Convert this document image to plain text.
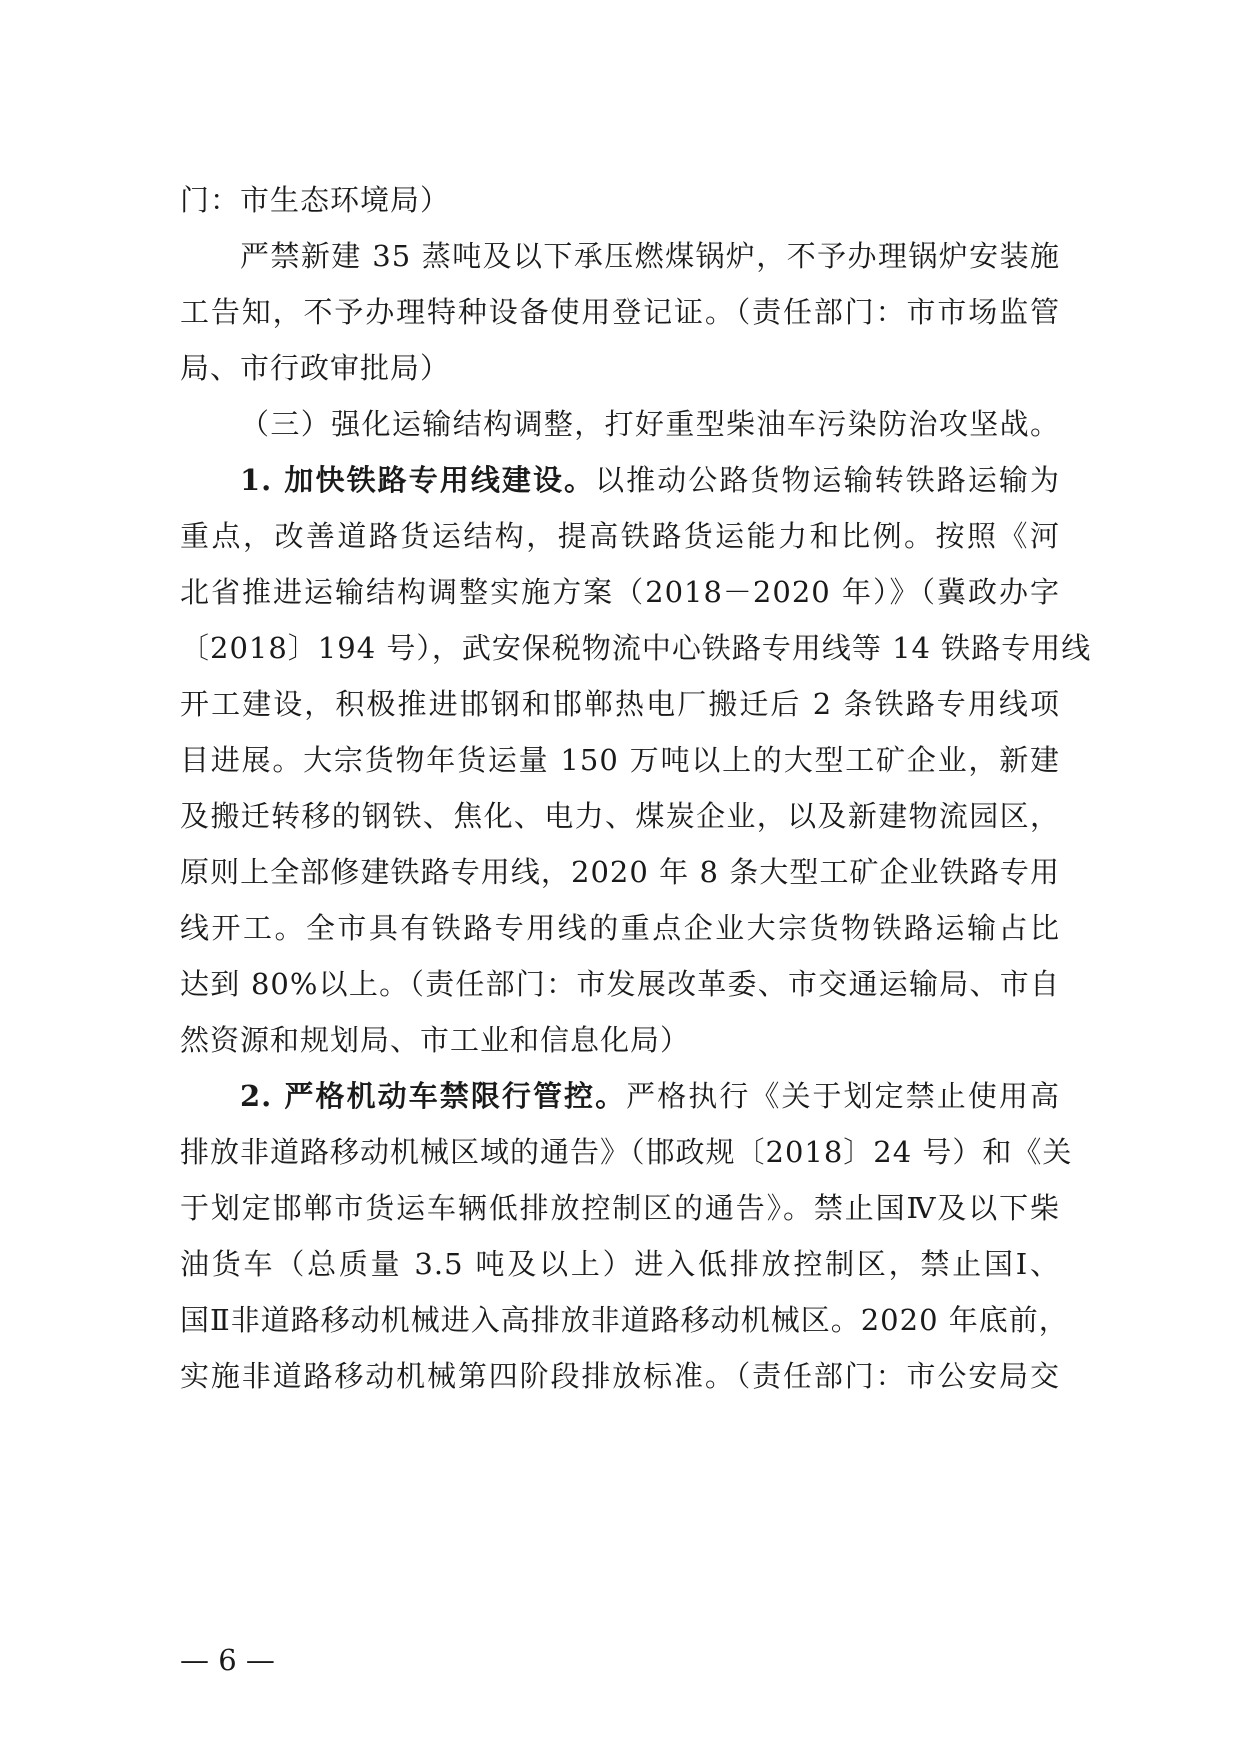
门：市生态环境局）
严禁新建 35 蒸吨及以下承压燃煤锅炉，不予办理锅炉安装施
工告知，不予办理特种设备使用登记证。（责任部门：市市场监管
局、市行政审批局）
（三）强化运输结构调整，打好重型柴油车污染防治攻坚战。
1. 加快铁路专用线建设。以推动公路货物运输转铁路运输为
重点，改善道路货运结构，提高铁路货运能力和比例。按照《河
北省推进运输结构调整实施方案（2018－2020 年）》（冀政办字
〔2018〕194 号），武安保税物流中心铁路专用线等 14 铁路专用线
开工建设，积极推进邯钢和邯郸热电厂搬迁后 2 条铁路专用线项
目进展。大宗货物年货运量 150 万吨以上的大型工矿企业，新建
及搬迁转移的钢铁、焦化、电力、煤炭企业，以及新建物流园区，
原则上全部修建铁路专用线，2020 年 8 条大型工矿企业铁路专用
线开工。全市具有铁路专用线的重点企业大宗货物铁路运输占比
达到 80%以上。（责任部门：市发展改革委、市交通运输局、市自
然资源和规划局、市工业和信息化局）
2. 严格机动车禁限行管控。严格执行《关于划定禁止使用高
排放非道路移动机械区域的通告》（邯政规〔2018〕24 号）和《关
于划定邯郸市货运车辆低排放控制区的通告》。禁止国Ⅳ及以下柴
油货车（总质量 3.5 吨及以上）进入低排放控制区，禁止国Ⅰ、
国Ⅱ非道路移动机械进入高排放非道路移动机械区。2020 年底前，
实施非道路移动机械第四阶段排放标准。（责任部门：市公安局交
— 6 —
